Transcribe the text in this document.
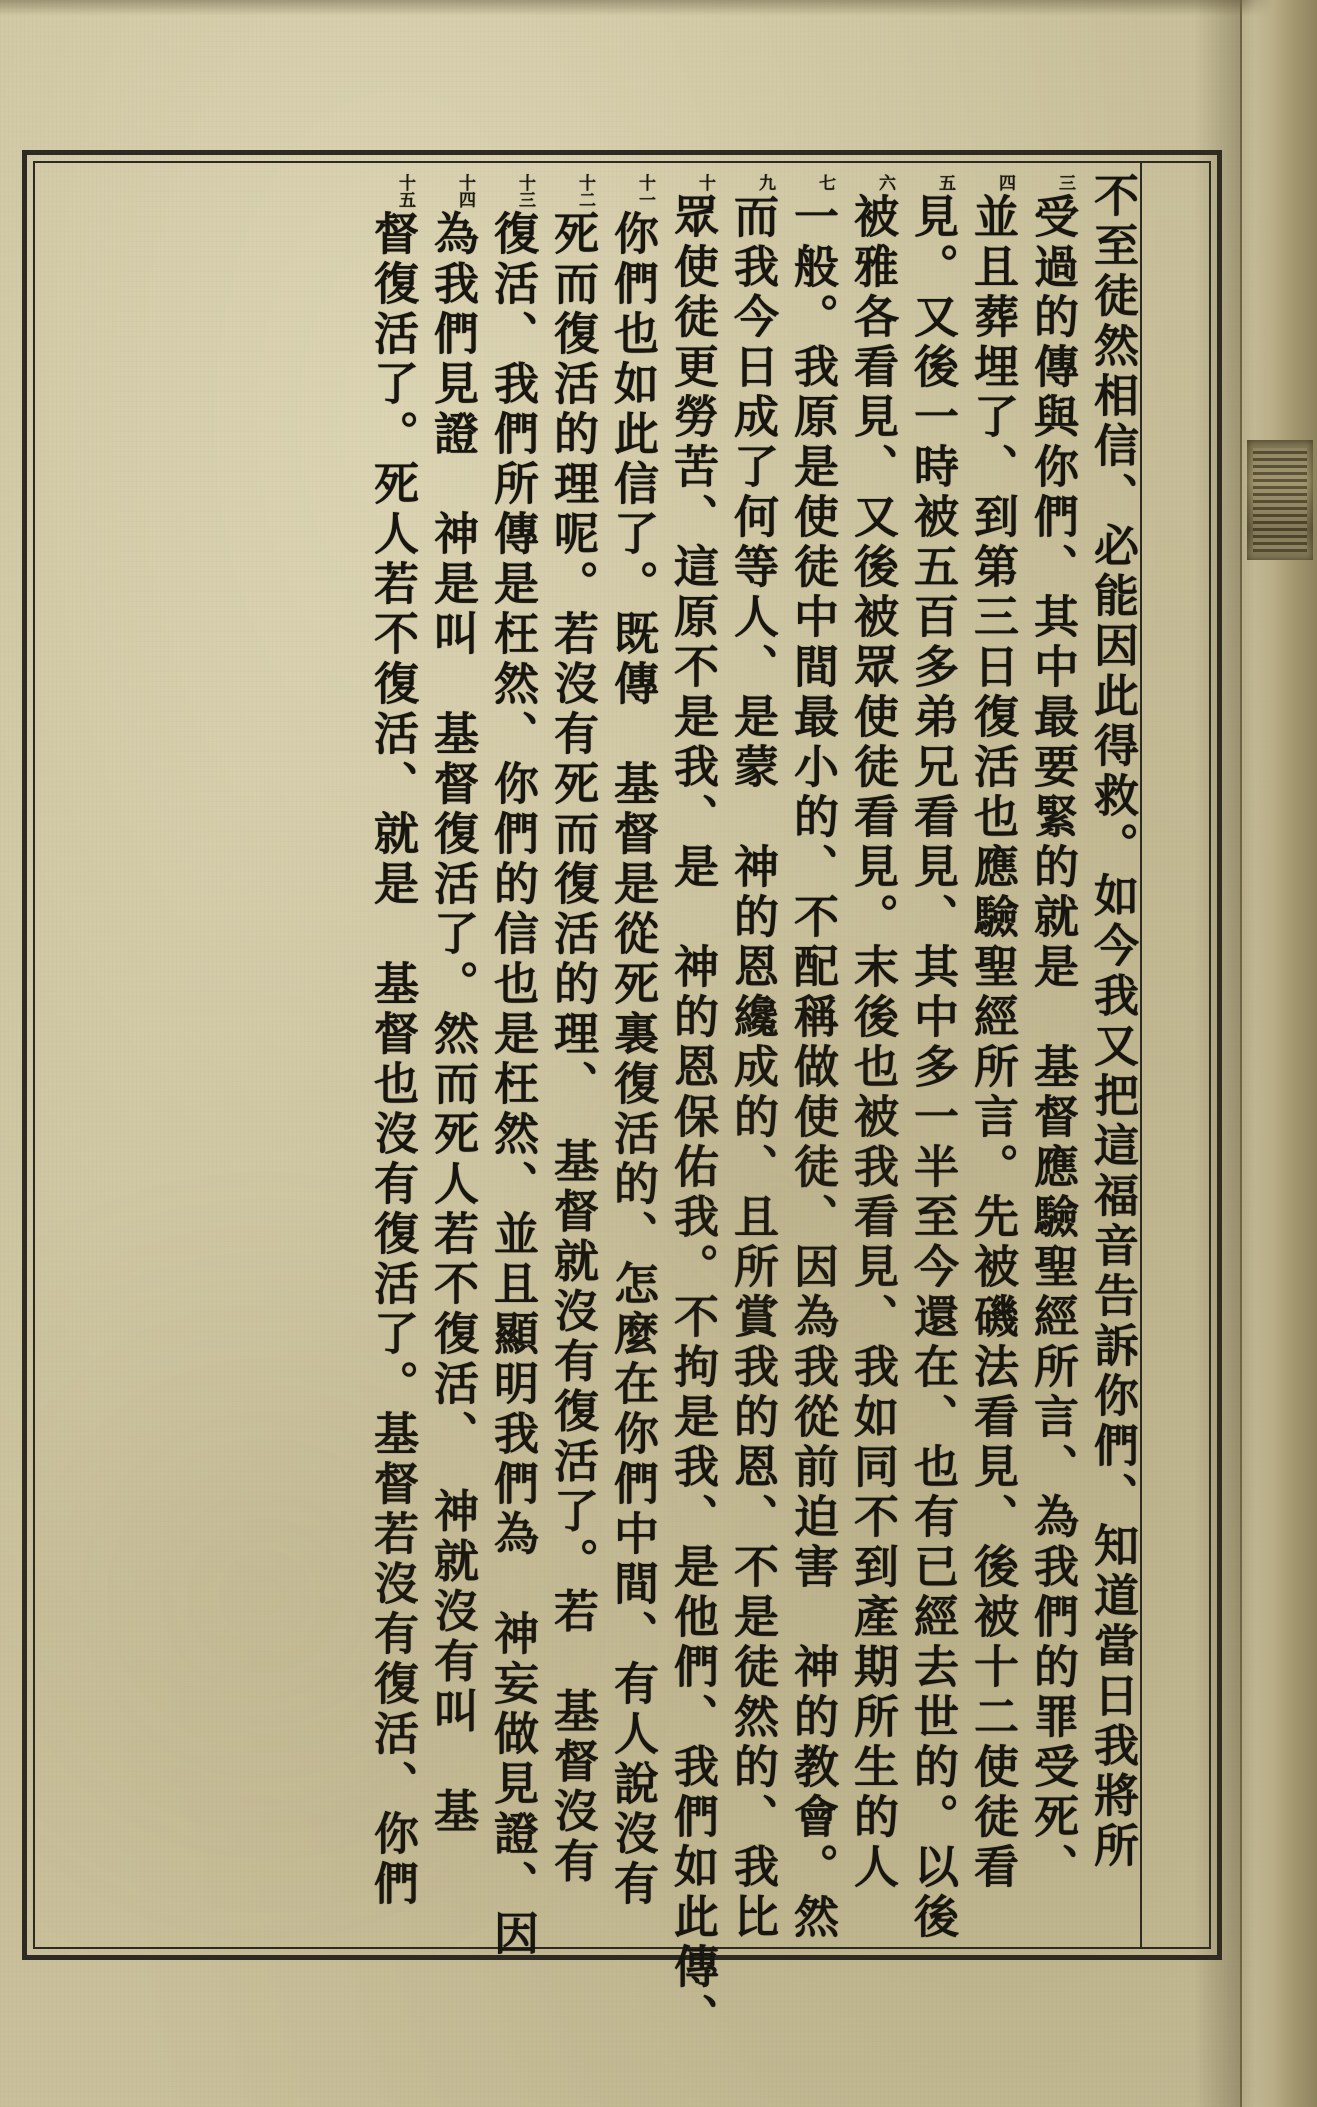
不至徒然相信、必能因此得救。如今我又把這福音告訴你們、知道當日我將所
三受過的傳與你們、其中最要緊的就是　基督應驗聖經所言、為我們的罪受死、
四並且葬埋了、到第三日復活也應驗聖經所言。先被磯法看見、後被十二使徒看
五見。又後一時被五百多弟兄看見、其中多一半至今還在、也有已經去世的。以後
六被雅各看見、又後被眾使徒看見。末後也被我看見、我如同不到產期所生的人
七一般。我原是使徒中間最小的、不配稱做使徒、因為我從前迫害　神的教會。然
九而我今日成了何等人、是蒙　神的恩纔成的、且所賞我的恩、不是徒然的、我比
十眾使徒更勞苦、這原不是我、是　神的恩保佑我。不拘是我、是他們、我們如此傳、
十一你們也如此信了。既傳　基督是從死裏復活的、怎麼在你們中間、有人說沒有
十二死而復活的理呢。若沒有死而復活的理、　基督就沒有復活了。若　基督沒有
十三復活、我們所傳是枉然、你們的信也是枉然、並且顯明我們為　神妄做見證、因
十四為我們見證　神是叫　基督復活了。然而死人若不復活、　神就沒有叫　基
十五督復活了。死人若不復活、就是　基督也沒有復活了。基督若沒有復活、你們
